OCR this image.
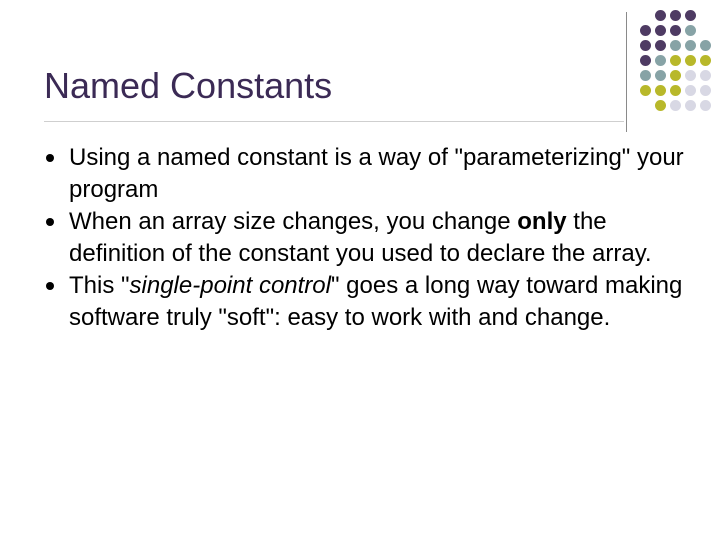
Named Constants
Using a named constant is a way of "parameterizing" your program
When an array size changes, you change only the definition of the constant you used to declare the array.
This "single-point control" goes a long way toward making software truly "soft": easy to work with and change.
